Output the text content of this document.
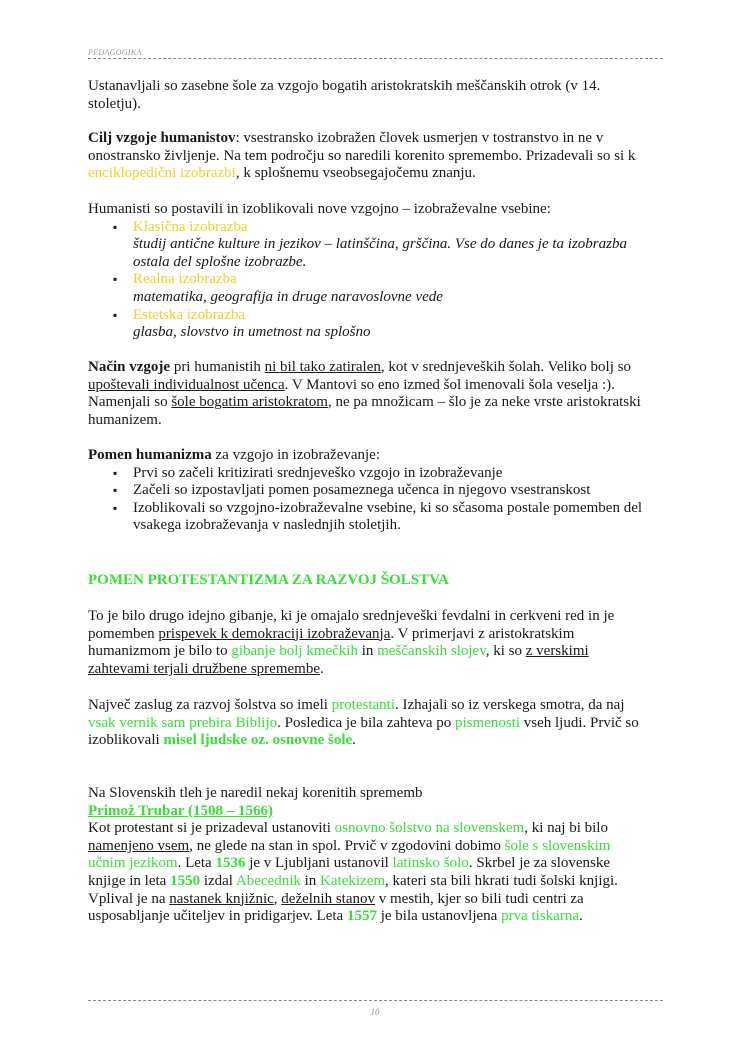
PEDAGOGIKA
Ustanavljali so zasebne šole za vzgojo bogatih aristokratskih meščanskih otrok (v 14. stoletju).
Cilj vzgoje humanistov: vsestransko izobražen človek usmerjen v tostranstvo in ne v onostransko življenje. Na tem področju so naredili korenito spremembo. Prizadevali so si k enciklopedični izobrazbi, k splošnemu vseobsegajočemu znanju.
Humanisti so postavili in izoblikovali nove vzgojno – izobraževalne vsebine:
▪ Klasična izobrazba
študij antične kulture in jezikov – latinščina, grščina. Vse do danes je ta izobrazba ostala del splošne izobrazbe.
▪ Realna izobrazba
matematika, geografija in druge naravoslovne vede
▪ Estetska izobrazba
glasba, slovstvo in umetnost na splošno
Način vzgoje pri humanistih ni bil tako zatiralen, kot v srednjeveških šolah. Veliko bolj so upoštevali individualnost učenca. V Mantovi so eno izmed šol imenovali šola veselja :). Namenjali so šole bogatim aristokratom, ne pa množicam – šlo je za neke vrste aristokratski humanizem.
Pomen humanizma za vzgojo in izobraževanje:
▪ Prvi so začeli kritizirati srednjeveško vzgojo in izobraževanje
▪ Začeli so izpostavljati pomen posameznega učenca in njegovo vsestranskost
▪ Izoblikovali so vzgojno-izobraževalne vsebine, ki so sčasoma postale pomemben del vsakega izobraževanja v naslednjih stoletjih.
POMEN PROTESTANTIZMA ZA RAZVOJ ŠOLSTVA
To je bilo drugo idejno gibanje, ki je omajalo srednjeveški fevdalni in cerkveni red in je pomemben prispevek k demokraciji izobraževanja. V primerjavi z aristokratskim humanizmom je bilo to gibanje bolj kmečkih in meščanskih slojev, ki so z verskimi zahtevami terjali družbene spremembe.
Največ zaslug za razvoj šolstva so imeli protestanti. Izhajali so iz verskega smotra, da naj vsak vernik sam prebira Biblijo. Posledica je bila zahteva po pismenosti vseh ljudi. Prvič so izoblikovali misel ljudske oz. osnovne šole.
Na Slovenskih tleh je naredil nekaj korenitih sprememb
Primož Trubar (1508 – 1566)
Kot protestant si je prizadeval ustanoviti osnovno šolstvo na slovenskem, ki naj bi bilo namenjeno vsem, ne glede na stan in spol. Prvič v zgodovini dobimo šole s slovenskim učnim jezikom. Leta 1536 je v Ljubljani ustanovil latinsko šolo. Skrbel je za slovenske knjige in leta 1550 izdal Abecednik in Katekizem, kateri sta bili hkrati tudi šolski knjigi. Vplival je na nastanek knjižnic, deželnih stanov v mestih, kjer so bili tudi centri za usposabljanje učiteljev in pridigarjev. Leta 1557 je bila ustanovljena prva tiskarna.
10
